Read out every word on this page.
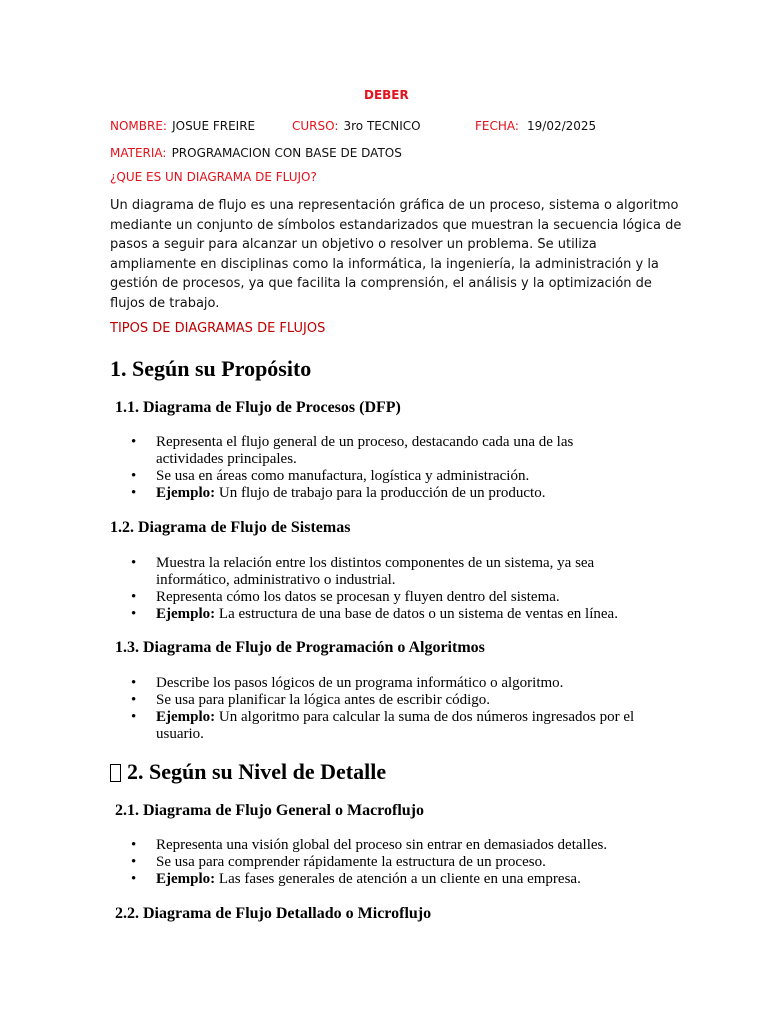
DEBER
NOMBRE: JOSUE FREIRE	CURSO: 3ro TECNICO	FECHA: 19/02/2025
MATERIA: PROGRAMACION CON BASE DE DATOS
¿QUE ES UN DIAGRAMA DE FLUJO?
Un diagrama de flujo es una representación gráfica de un proceso, sistema o algoritmo
mediante un conjunto de símbolos estandarizados que muestran la secuencia lógica de
pasos a seguir para alcanzar un objetivo o resolver un problema. Se utiliza
ampliamente en disciplinas como la informática, la ingeniería, la administración y la
gestión de procesos, ya que facilita la comprensión, el análisis y la optimización de
flujos de trabajo.
TIPOS DE DIAGRAMAS DE FLUJOS
1. Según su Propósito
1.1. Diagrama de Flujo de Procesos (DFP)
• Representa el flujo general de un proceso, destacando cada una de las
actividades principales.
• Se usa en áreas como manufactura, logística y administración.
• Ejemplo: Un flujo de trabajo para la producción de un producto.
1.2. Diagrama de Flujo de Sistemas
• Muestra la relación entre los distintos componentes de un sistema, ya sea
informático, administrativo o industrial.
• Representa cómo los datos se procesan y fluyen dentro del sistema.
• Ejemplo: La estructura de una base de datos o un sistema de ventas en línea.
1.3. Diagrama de Flujo de Programación o Algoritmos
• Describe los pasos lógicos de un programa informático o algoritmo.
• Se usa para planificar la lógica antes de escribir código.
• Ejemplo: Un algoritmo para calcular la suma de dos números ingresados por el
usuario.
2. Según su Nivel de Detalle
2.1. Diagrama de Flujo General o Macroflujo
• Representa una visión global del proceso sin entrar en demasiados detalles.
• Se usa para comprender rápidamente la estructura de un proceso.
• Ejemplo: Las fases generales de atención a un cliente en una empresa.
2.2. Diagrama de Flujo Detallado o Microflujo
